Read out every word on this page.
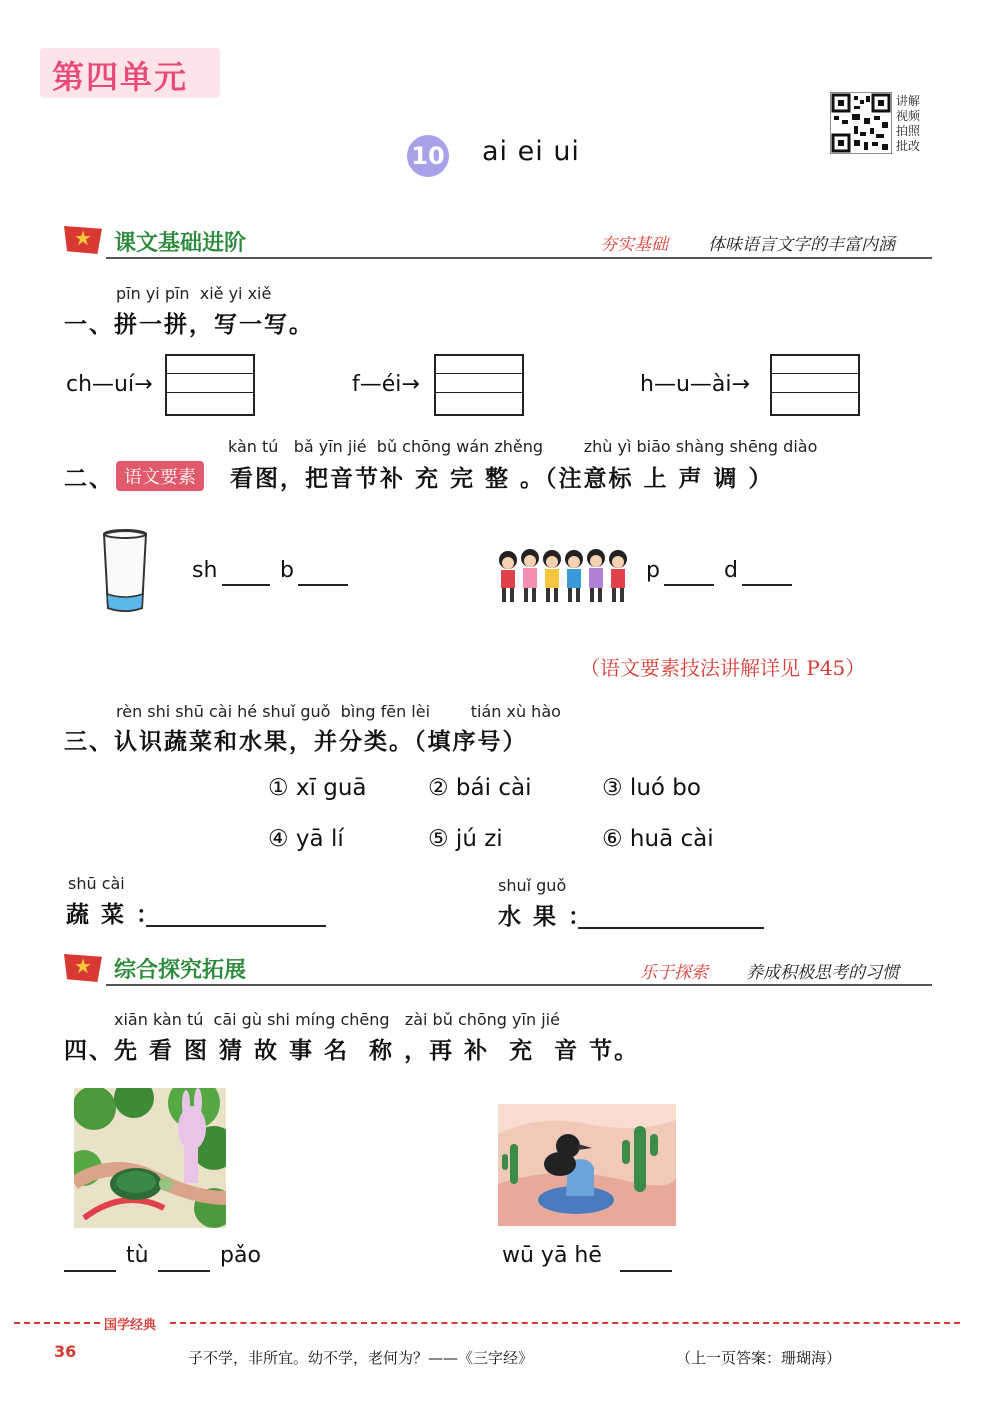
第四单元
讲解视频拍照批改
10 ai ei ui
★ 课文基础进阶	夯实基础 体味语言文字的丰富内涵
pīn yi pīn  xiě yi xiě
一、拼一拼，写一写。
ch—uí→	f—éi→	h—u—ài→
kàn tú   bǎ yīn jié  bǔ chōng wán zhěng        zhù yì biāo shàng shēng diào
二、 语文要素	看图，把音节补 充 完 整 。（注意标 上 声 调 ）
sh	b	p	d
（语文要素技法讲解详见 P45）
rèn shi shū cài hé shuǐ guǒ  bìng fēn lèi        tián xù hào
三、认识蔬菜和水果，并分类。（填序号）
① xī guā	② bái cài	③ luó bo
④ yā lí	⑤ jú zi	⑥ huā cài
shū cài
蔬 菜 ：
shuǐ guǒ
水 果 ：
★ 综合探究拓展	乐于探索 养成积极思考的习惯
xiān kàn tú  cāi gù shi míng chēng   zài bǔ chōng yīn jié
四、先 看 图 猜 故 事 名  称 ，再 补  充  音 节。
tù	pǎo	wū yā hē
国学经典
36	子不学，非所宜。幼不学，老何为？——《三字经》	（上一页答案：珊瑚海）
